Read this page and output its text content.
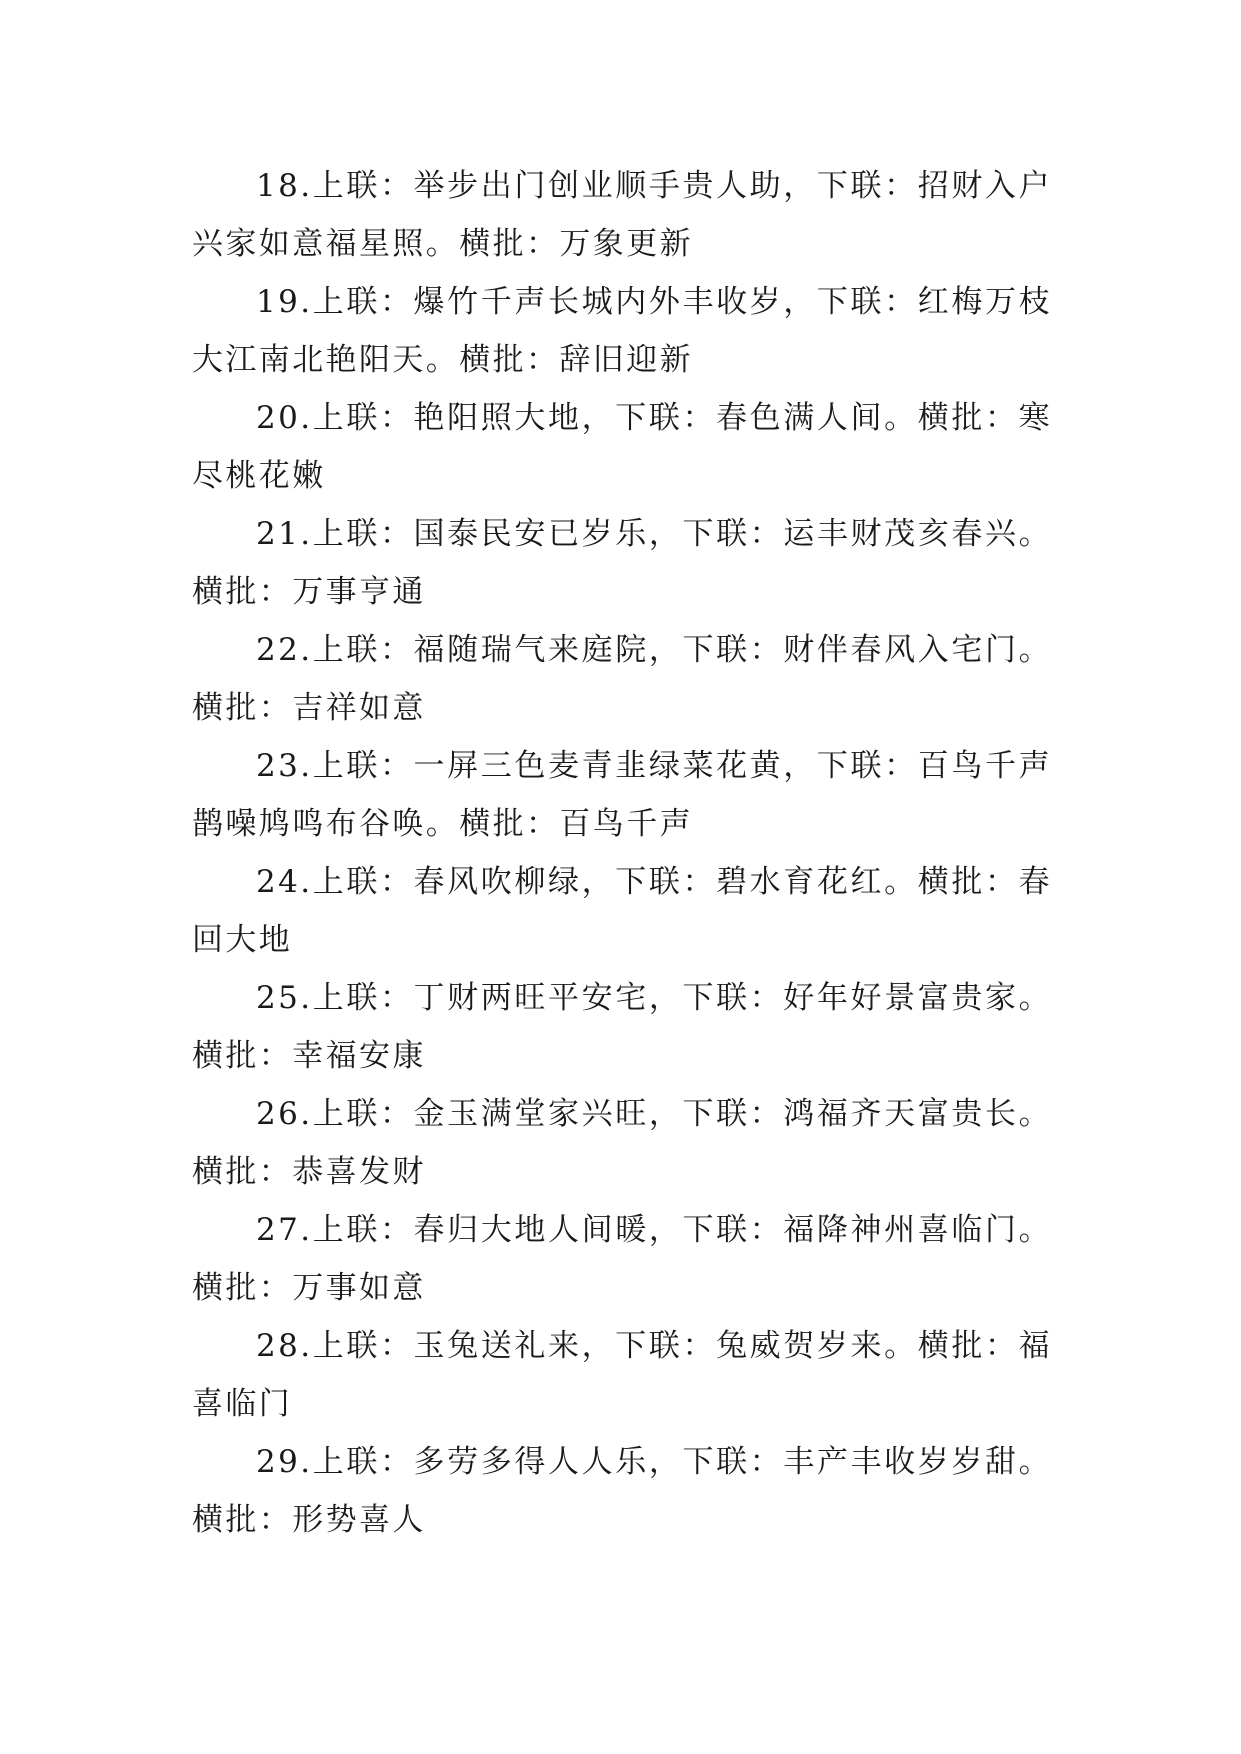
18.上联：举步出门创业顺手贵人助，下联：招财入户兴家如意福星照。横批：万象更新

19.上联：爆竹千声长城内外丰收岁，下联：红梅万枝大江南北艳阳天。横批：辞旧迎新

20.上联：艳阳照大地，下联：春色满人间。横批：寒尽桃花嫩

21.上联：国泰民安已岁乐，下联：运丰财茂亥春兴。横批：万事亨通

22.上联：福随瑞气来庭院，下联：财伴春风入宅门。横批：吉祥如意

23.上联：一屏三色麦青韭绿菜花黄，下联：百鸟千声鹊噪鸠鸣布谷唤。横批：百鸟千声

24.上联：春风吹柳绿，下联：碧水育花红。横批：春回大地

25.上联：丁财两旺平安宅，下联：好年好景富贵家。横批：幸福安康

26.上联：金玉满堂家兴旺，下联：鸿福齐天富贵长。横批：恭喜发财

27.上联：春归大地人间暖，下联：福降神州喜临门。横批：万事如意

28.上联：玉兔送礼来，下联：兔威贺岁来。横批：福喜临门

29.上联：多劳多得人人乐，下联：丰产丰收岁岁甜。横批：形势喜人
